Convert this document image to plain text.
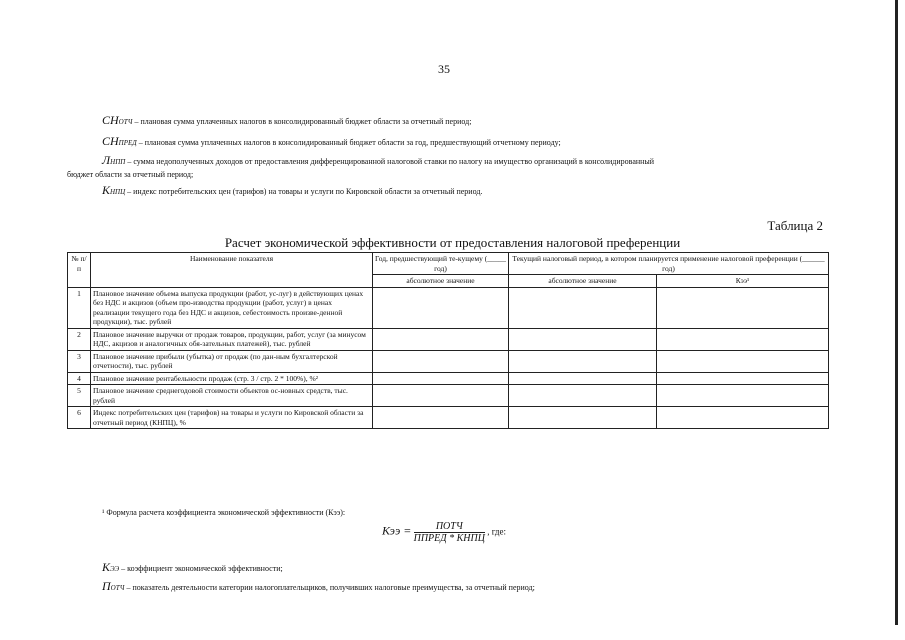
35
СНОТЧ – плановая сумма уплаченных налогов в консолидированный бюджет области за отчетный период;
СНПРЕД – плановая сумма уплаченных налогов в консолидированный бюджет области за год, предшествующий отчетному периоду;
ЛНПП – сумма недополученных доходов от предоставления дифференцированной налоговой ставки по налогу на имущество организаций в консолидированный
бюджет области за отчетный период;
КНПЦ – индекс потребительских цен (тарифов) на товары и услуги по Кировской области за отчетный период.
Таблица 2
Расчет экономической эффективности от предоставления налоговой преференции
№ п/п	Наименование показателя	Год, предшествующий те-кущему (_____ год)	Текущий налоговый период, в котором планируется применение налоговой преференции (______ год)	
		абсолютное значение	абсолютное значение	Кээ¹
1	Плановое значение объема выпуска продукции (работ, ус-луг) в действующих ценах без НДС и акцизов (объем про-изводства продукции (работ, услуг) в ценах реализации текущего года без НДС и акцизов, себестоимость произве-денной продукции), тыс. рублей			
2	Плановое значение выручки от продаж товаров, продукции, работ, услуг (за минусом НДС, акцизов и аналогичных обя-зательных платежей), тыс. рублей			
3	Плановое значение прибыли (убытка) от продаж (по дан-ным бухгалтерской отчетности), тыс. рублей			
4	Плановое значение рентабельности продаж (стр. 3 / стр. 2 * 100%), %²			
5	Плановое значение среднегодовой стоимости объектов ос-новных средств, тыс. рублей			
6	Индекс потребительских цен (тарифов) на товары и услуги по Кировской области за отчетный период (КНПЦ), %			
¹ Формула расчета коэффициента экономической эффективности (Кээ):
Кээ = $\frac{\text{ПОТЧ}}{\text{ППРЕД * КНПЦ}}$ , где:
КЭЭ – коэффициент экономической эффективности;
ПОТЧ – показатель деятельности категории налогоплательщиков, получивших налоговые преимущества, за отчетный период;
